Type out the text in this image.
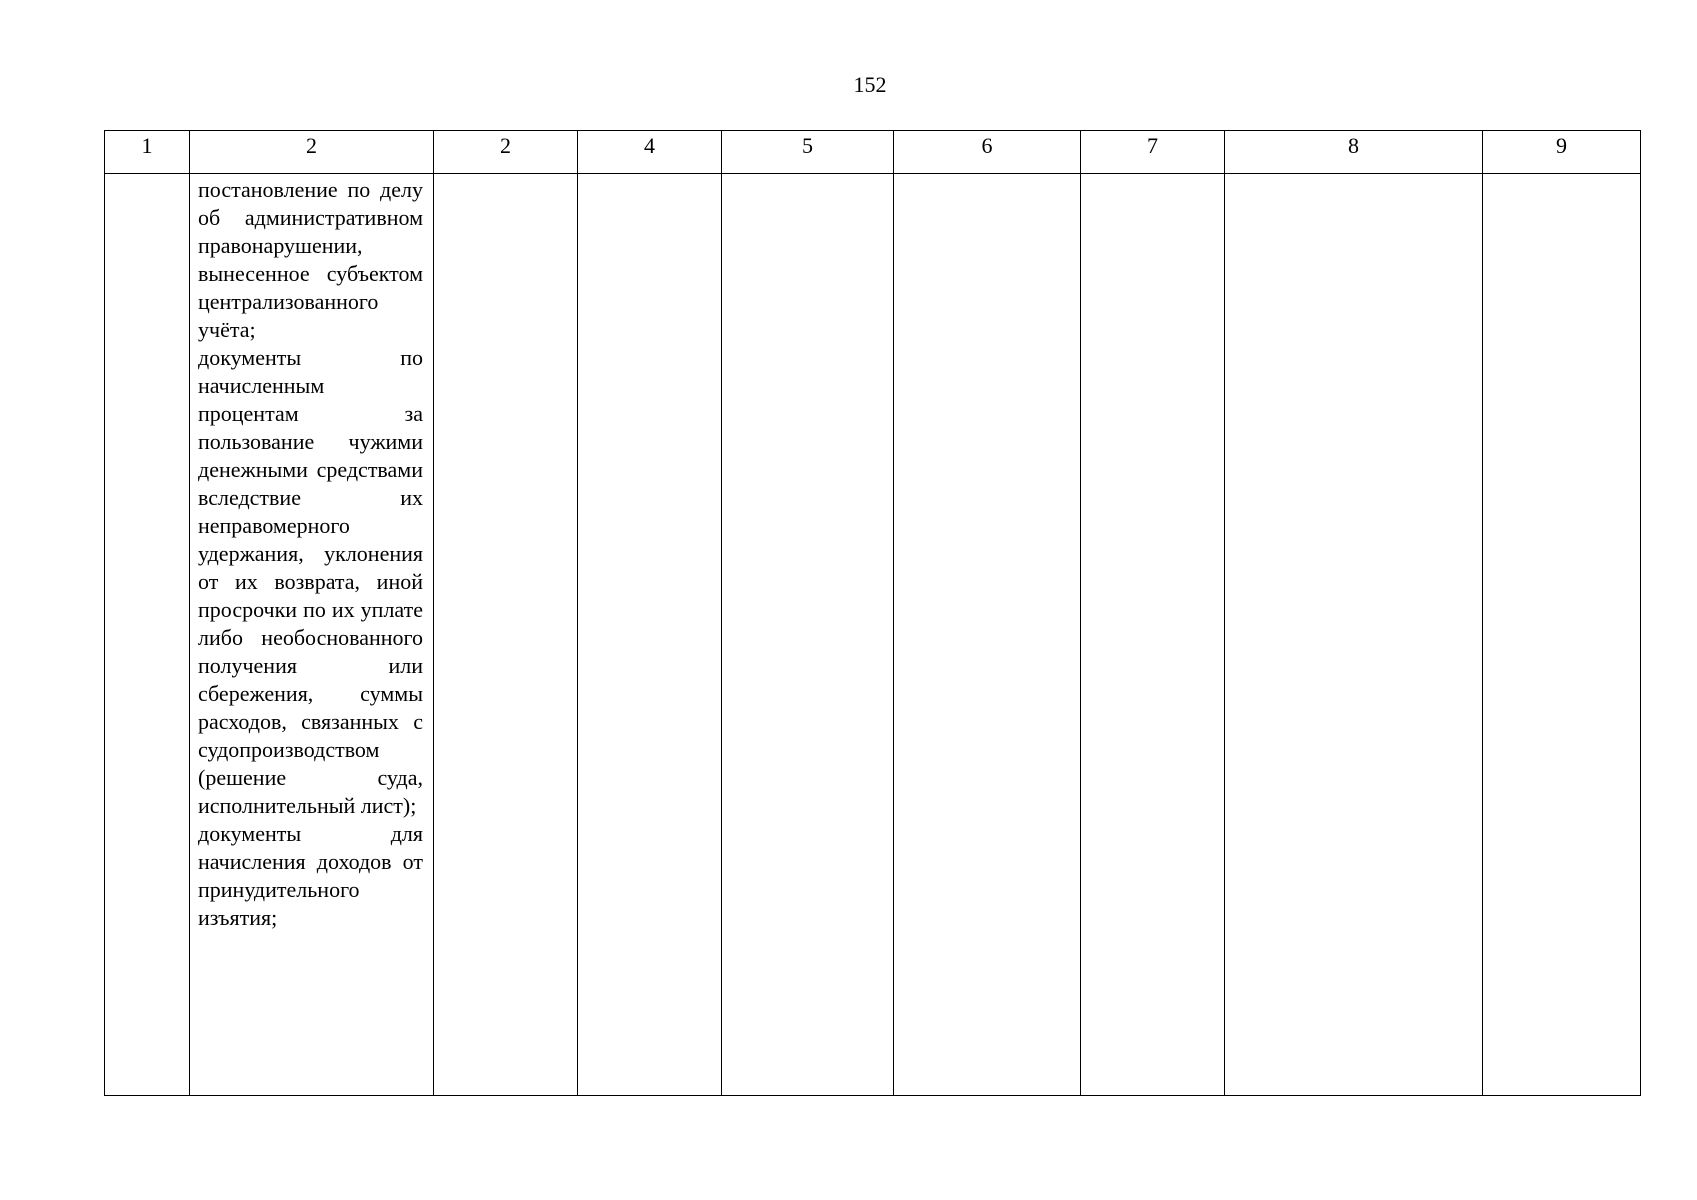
152
1	2	2	4	5	6	7	8	9

	постановление по делу об административном правонарушении, вынесенное субъектом централизованного учёта;

документы по начисленным процентам за пользование чужими денежными средствами вследствие их неправомерного удержания, уклонения от их возврата, иной просрочки по их уплате либо необоснованного получения или сбережения, суммы расходов, связанных с судопроизводством (решение суда, исполнительный лист);

документы для начисления доходов от принудительного изъятия;							
